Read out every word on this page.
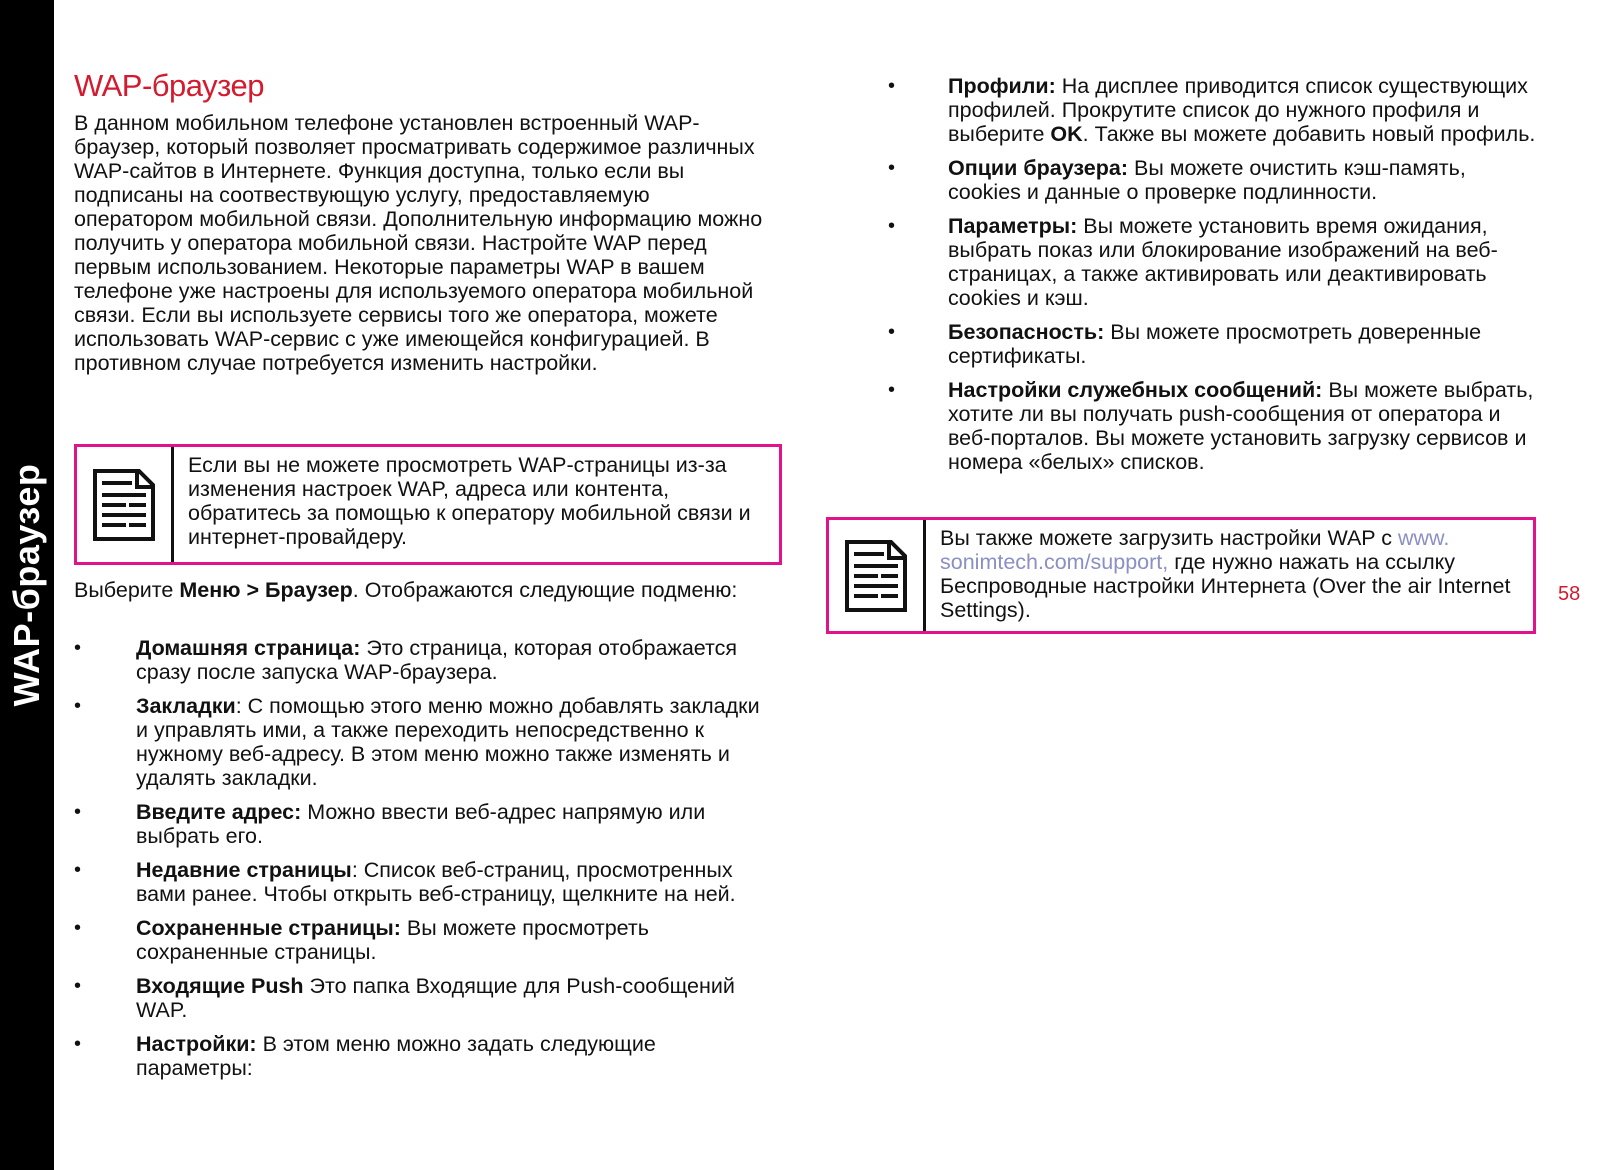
WAP-браузер
WAP-браузер
В данном мобильном телефоне установлен встроенный WAP-браузер, который позволяет просматривать содержимое различных WAP-сайтов в Интернете. Функция доступна, только если вы подписаны на соотвествующую услугу, предоставляемую оператором мобильной связи. Дополнительную информацию можно получить у оператора мобильной связи. Настройте WAP перед первым использованием. Некоторые параметры WAP в вашем телефоне уже настроены для используемого оператора мобильной связи. Если вы используете сервисы того же оператора, можете использовать WAP-сервис с уже имеющейся конфигурацией. В противном случае потребуется изменить настройки.
Если вы не можете просмотреть WAP-страницы из-за изменения настроек WAP, адреса или контента, обратитесь за помощью к оператору мобильной связи и интернет-провайдеру.
Выберите Меню > Браузер. Отображаются следующие подменю:
•	Домашняя страница: Это страница, которая отображается сразу после запуска WAP-браузера.
•	Закладки: С помощью этого меню можно добавлять закладки и управлять ими, а также переходить непосредственно к нужному веб-адресу. В этом меню можно также изменять и удалять закладки.
•	Введите адрес: Можно ввести веб-адрес напрямую или выбрать его.
•	Недавние страницы: Список веб-страниц, просмотренных вами ранее. Чтобы открыть веб-страницу, щелкните на ней.
•	Сохраненные страницы: Вы можете просмотреть сохраненные страницы.
•	Входящие Push Это папка Входящие для Push-сообщений WAP.
•	Настройки: В этом меню можно задать следующие параметры:
• Профили: На дисплее приводится список существующих профилей. Прокрутите список до нужного профиля и выберите OK. Также вы можете добавить новый профиль.
• Опции браузера: Вы можете очистить кэш-память, cookies и данные о проверке подлинности.
• Параметры: Вы можете установить время ожидания, выбрать показ или блокирование изображений на веб-страницах, а также активировать или деактивировать cookies и кэш.
• Безопасность: Вы можете просмотреть доверенные сертификаты.
• Настройки служебных сообщений: Вы можете выбрать, хотите ли вы получать push-сообщения от оператора и веб-порталов. Вы можете установить загрузку сервисов и номера «белых» списков.
Вы также можете загрузить настройки WAP с www. sonimtech.com/support, где нужно нажать на ссылку Беспроводные настройки Интернета (Over the air Internet Settings).
58
